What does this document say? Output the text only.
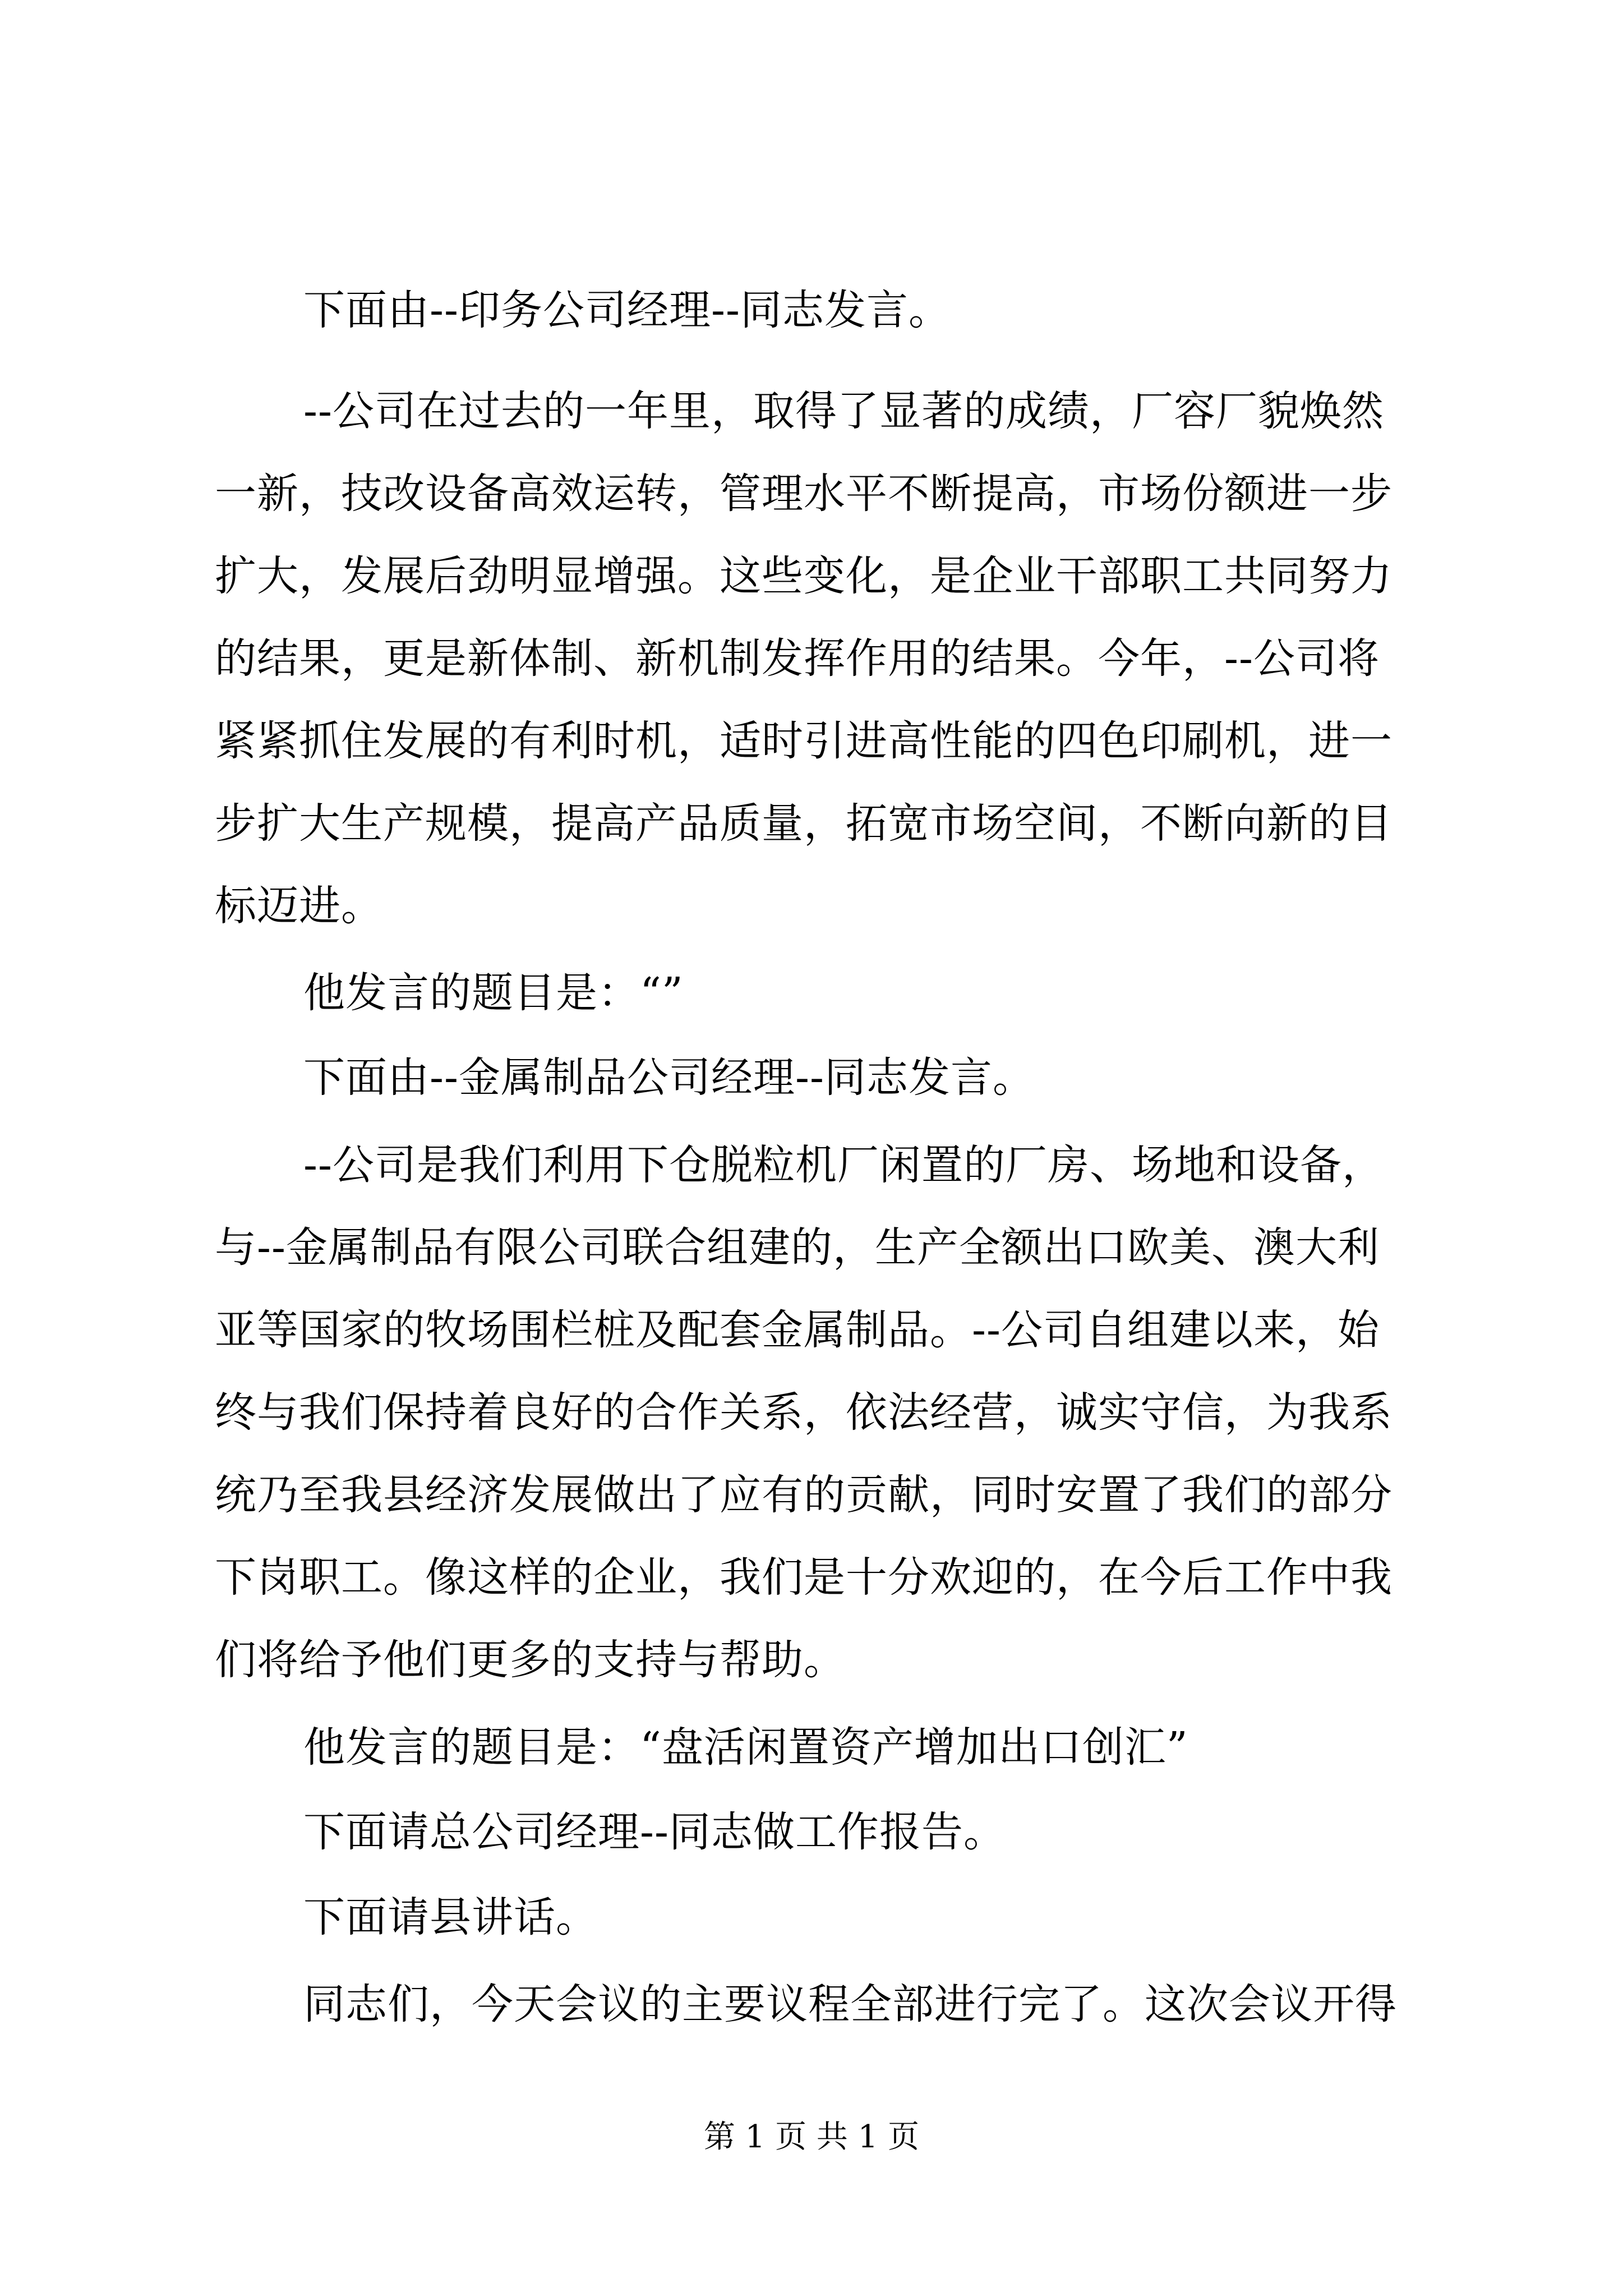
下面由--印务公司经理--同志发言。
--公司在过去的一年里，取得了显著的成绩，厂容厂貌焕然
一新，技改设备高效运转，管理水平不断提高，市场份额进一步
扩大，发展后劲明显增强。这些变化，是企业干部职工共同努力
的结果，更是新体制、新机制发挥作用的结果。今年，--公司将
紧紧抓住发展的有利时机，适时引进高性能的四色印刷机，进一
步扩大生产规模，提高产品质量，拓宽市场空间，不断向新的目
标迈进。
他发言的题目是：“”
下面由--金属制品公司经理--同志发言。
--公司是我们利用下仓脱粒机厂闲置的厂房、场地和设备，
与--金属制品有限公司联合组建的，生产全额出口欧美、澳大利
亚等国家的牧场围栏桩及配套金属制品。--公司自组建以来，始
终与我们保持着良好的合作关系，依法经营，诚实守信，为我系
统乃至我县经济发展做出了应有的贡献，同时安置了我们的部分
下岗职工。像这样的企业，我们是十分欢迎的，在今后工作中我
们将给予他们更多的支持与帮助。
他发言的题目是：“盘活闲置资产增加出口创汇”
下面请总公司经理--同志做工作报告。
下面请县讲话。
同志们，今天会议的主要议程全部进行完了。这次会议开得
第 1 页 共 1 页
